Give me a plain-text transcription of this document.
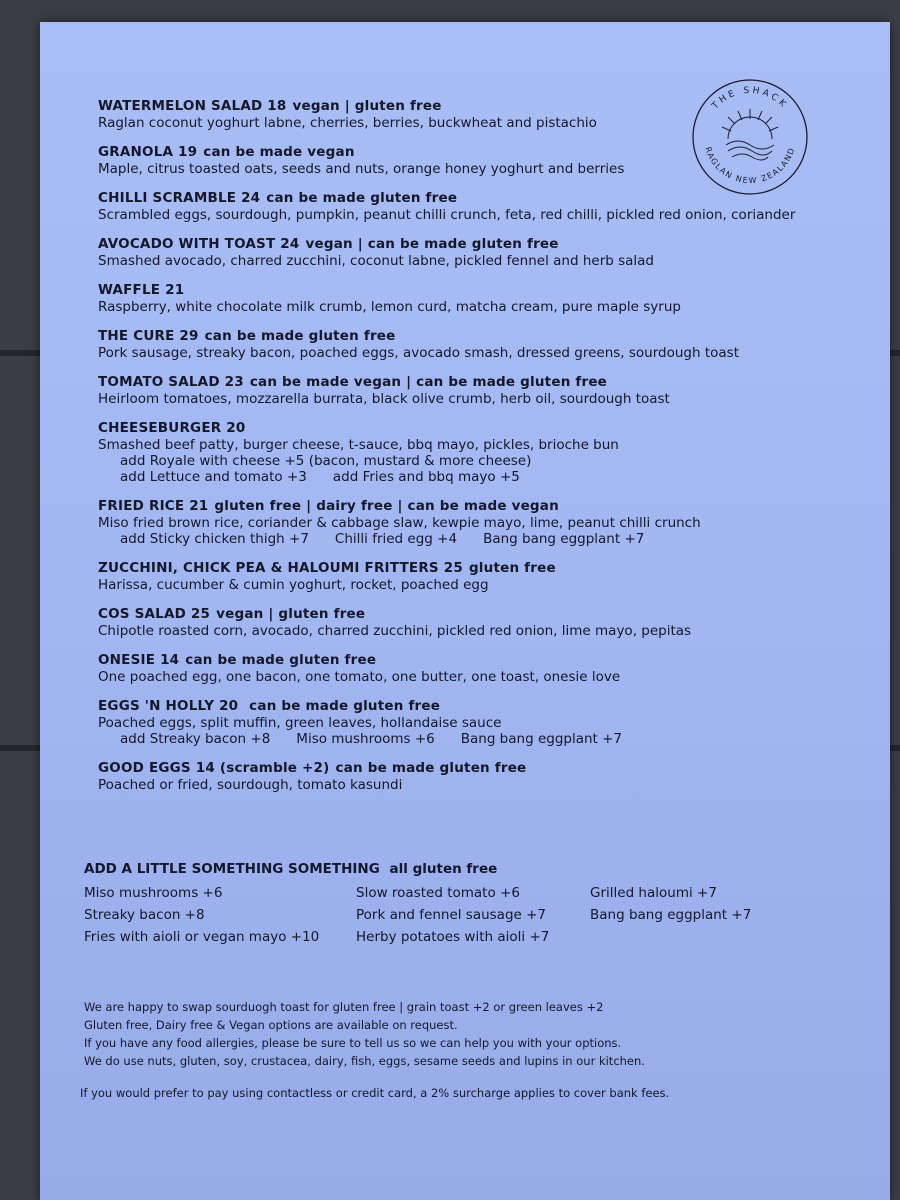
THE SHACK
RAGLAN NEW ZEALAND
WATERMELON SALAD 18 vegan | gluten free
Raglan coconut yoghurt labne, cherries, berries, buckwheat and pistachio
GRANOLA 19 can be made vegan
Maple, citrus toasted oats, seeds and nuts, orange honey yoghurt and berries
CHILLI SCRAMBLE 24 can be made gluten free
Scrambled eggs, sourdough, pumpkin, peanut chilli crunch, feta, red chilli, pickled red onion, coriander
AVOCADO WITH TOAST 24 vegan | can be made gluten free
Smashed avocado, charred zucchini, coconut labne, pickled fennel and herb salad
WAFFLE 21
Raspberry, white chocolate milk crumb, lemon curd, matcha cream, pure maple syrup
THE CURE 29 can be made gluten free
Pork sausage, streaky bacon, poached eggs, avocado smash, dressed greens, sourdough toast
TOMATO SALAD 23 can be made vegan | can be made gluten free
Heirloom tomatoes, mozzarella burrata, black olive crumb, herb oil, sourdough toast
CHEESEBURGER 20
Smashed beef patty, burger cheese, t-sauce, bbq mayo, pickles, brioche bun
add Royale with cheese +5 (bacon, mustard & more cheese)
add Lettuce and tomato +3 add Fries and bbq mayo +5
FRIED RICE 21 gluten free | dairy free | can be made vegan
Miso fried brown rice, coriander & cabbage slaw, kewpie mayo, lime, peanut chilli crunch
add Sticky chicken thigh +7 Chilli fried egg +4 Bang bang eggplant +7
ZUCCHINI, CHICK PEA & HALOUMI FRITTERS 25 gluten free
Harissa, cucumber & cumin yoghurt, rocket, poached egg
COS SALAD 25 vegan | gluten free
Chipotle roasted corn, avocado, charred zucchini, pickled red onion, lime mayo, pepitas
ONESIE 14 can be made gluten free
One poached egg, one bacon, one tomato, one butter, one toast, onesie love
EGGS 'N HOLLY 20 can be made gluten free
Poached eggs, split muffin, green leaves, hollandaise sauce
add Streaky bacon +8 Miso mushrooms +6 Bang bang eggplant +7
GOOD EGGS 14 (scramble +2) can be made gluten free
Poached or fried, sourdough, tomato kasundi
ADD A LITTLE SOMETHING SOMETHING all gluten free
Miso mushrooms +6
Streaky bacon +8
Fries with aioli or vegan mayo +10
Slow roasted tomato +6
Pork and fennel sausage +7
Herby potatoes with aioli +7
Grilled haloumi +7
Bang bang eggplant +7
We are happy to swap sourduogh toast for gluten free | grain toast +2 or green leaves +2
Gluten free, Dairy free & Vegan options are available on request.
If you have any food allergies, please be sure to tell us so we can help you with your options.
We do use nuts, gluten, soy, crustacea, dairy, fish, eggs, sesame seeds and lupins in our kitchen.
If you would prefer to pay using contactless or credit card, a 2% surcharge applies to cover bank fees.
